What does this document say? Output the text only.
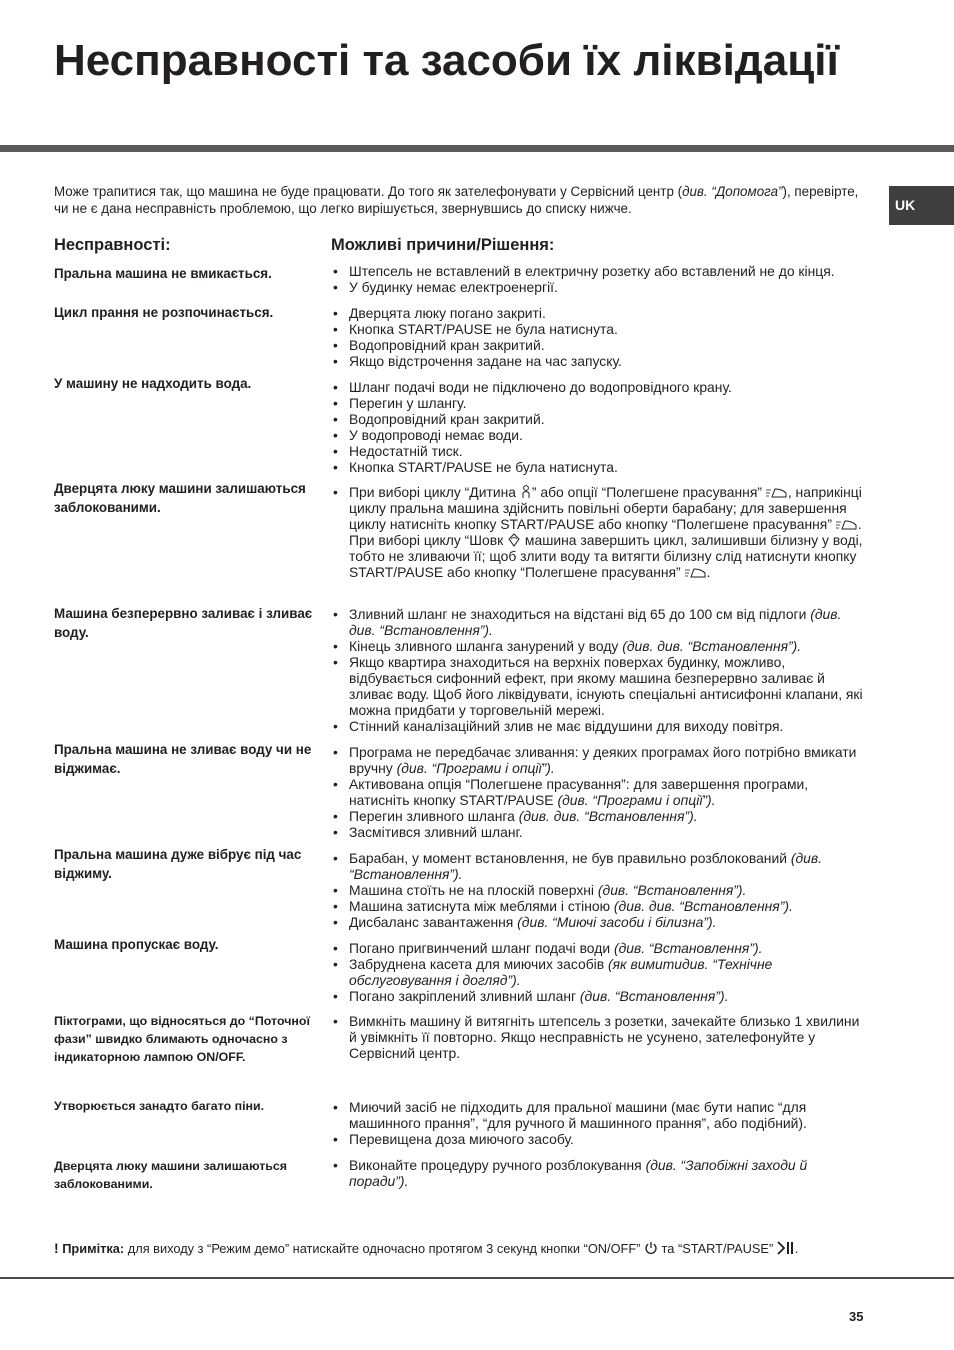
Несправності та засоби їх ліквідації
UK

Може трапитися так, що машина не буде працювати. До того як зателефонувати у Сервісний центр (див. “Допомога”), перевірте, чи не є дана несправність проблемою, що легко вирішується, звернувшись до списку нижче.

Несправності:	Можливі причини/Рішення:
Пральна машина не вмикається.	• Штепсель не вставлений в електричну розетку або вставлений не до кінця.
• У будинку немає електроенергії.
Цикл прання не розпочинається.	• Дверцята люку погано закриті.
• Кнопка START/PAUSE не була натиснута.
• Водопровідний кран закритий.
• Якщо відстрочення задане на час запуску.
У машину не надходить вода.	• Шланг подачі води не підключено до водопровідного крану.
• Перегин у шлангу.
• Водопровідний кран закритий.
• У водопроводі немає води.
• Недостатній тиск.
• Кнопка START/PAUSE не була натиснута.
Дверцята люку машини залишаються заблокованими.
• При виборі циклу “Дитина ” або опції “Полегшене прасування” , наприкінці циклу пральна машина здійснить повільні оберти барабану; для завершення циклу натисніть кнопку START/PAUSE або кнопку “Полегшене прасування” . При виборі циклу “Шовк  машина завершить цикл, залишивши білизну у воді, тобто не зливаючи її; щоб злити воду та витягти білизну слід натиснути кнопку START/PAUSE або кнопку “Полегшене прасування” .
Машина безперервно заливає і зливає воду.
• Зливний шланг не знаходиться на відстані від 65 до 100 см від підлоги (див. див. “Встановлення”).
• Кінець зливного шланга занурений у воду (див. див. “Встановлення”).
• Якщо квартира знаходиться на верхніх поверхах будинку, можливо, відбувається сифонний ефект, при якому машина безперервно заливає й зливає воду. Щоб його ліквідувати, існують спеціальні антисифонні клапани, які можна придбати у торговельній мережі.
• Стінний каналізаційний злив не має віддушини для виходу повітря.
Пральна машина не зливає воду чи не віджимає.
• Програма не передбачає зливання: у деяких програмах його потрібно вмикати вручну (див. “Програми і опції”).
• Активована опція “Полегшене прасування”: для завершення програми, натисніть кнопку START/PAUSE (див. “Програми і опції”).
• Перегин зливного шланга (див. див. “Встановлення”).
• Засмітився зливний шланг.
Пральна машина дуже вібрує під час віджиму.
• Барабан, у момент встановлення, не був правильно розблокований (див. “Встановлення”).
• Машина стоїть не на плоскій поверхні (див. “Встановлення”).
• Машина затиснута між меблями і стіною (див. див. “Встановлення”).
• Дисбаланс завантаження (див. “Миючі засоби і білизна”).
Машина пропускає воду.	• Погано пригвинчений шланг подачі води (див. “Встановлення”).
• Забруднена касета для миючих засобів (як вимитидив. “Технічне обслуговування і догляд”).
• Погано закріплений зливний шланг (див. “Встановлення”).
Піктограми, що відносяться до “Поточної фази” швидко блимають одночасно з індикаторною лампою ON/OFF.
• Вимкніть машину й витягніть штепсель з розетки, зачекайте близько 1 хвилини й увімкніть її повторно. Якщо несправність не усунено, зателефонуйте у Сервісний центр.
Утворюється занадто багато піни.	• Миючий засіб не підходить для пральної машини (має бути напис “для машинного прання”, “для ручного й машинного прання”, або подібний).
• Перевищена доза миючого засобу.
Дверцята люку машини залишаються заблокованими.
• Виконайте процедуру ручного розблокування (див. “Запобіжні заходи й поради”).

! Примітка: для виходу з “Режим демо” натискайте одночасно протягом 3 секунд кнопки “ON/OFF”  та “START/PAUSE” .

35
